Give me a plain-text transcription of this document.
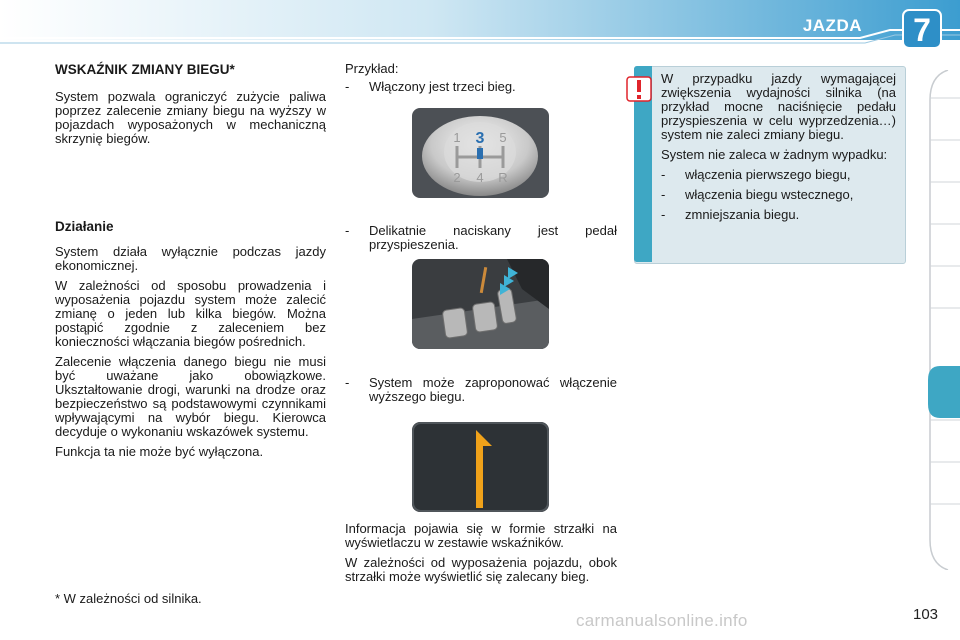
JAZDA 7
WSKAŹNIK ZMIANY BIEGU*

System pozwala ograniczyć zużycie paliwa poprzez zalecenie zmiany biegu na wyższy w pojazdach wyposażonych w mechaniczną skrzynię biegów.

Działanie

System działa wyłącznie podczas jazdy ekonomicznej.

W zależności od sposobu prowadzenia i wyposażenia pojazdu system może zalecić zmianę o jeden lub kilka biegów. Można postąpić zgodnie z zaleceniem bez konieczności włączania biegów pośrednich.

Zalecenie włączenia danego biegu nie musi być uważane jako obowiązkowe. Ukształtowanie drogi, warunki na drodze oraz bezpieczeństwo są podstawowymi czynnikami wpływającymi na wybór biegu. Kierowca decyduje o wykonaniu wskazówek systemu.

Funkcja ta nie może być wyłączona.

* W zależności od silnika.
Przykład:
-	Włączony jest trzeci bieg.
1 3 5
2 4 R
-	Delikatnie naciskany jest pedał przyspieszenia.
-	System może zaproponować włączenie wyższego biegu.

Informacja pojawia się w formie strzałki na wyświetlaczu w zestawie wskaźników.

W zależności od wyposażenia pojazdu, obok strzałki może wyświetlić się zalecany bieg.

W przypadku jazdy wymagającej zwiększenia wydajności silnika (na przykład mocne naciśnięcie pedału przyspieszenia w celu wyprzedzenia…) system nie zaleci zmiany biegu.

System nie zaleca w żadnym wypadku:

-	włączenia pierwszego biegu,
-	włączenia biegu wstecznego,
-	zmniejszania biegu.
103
carmanualsonline.info
